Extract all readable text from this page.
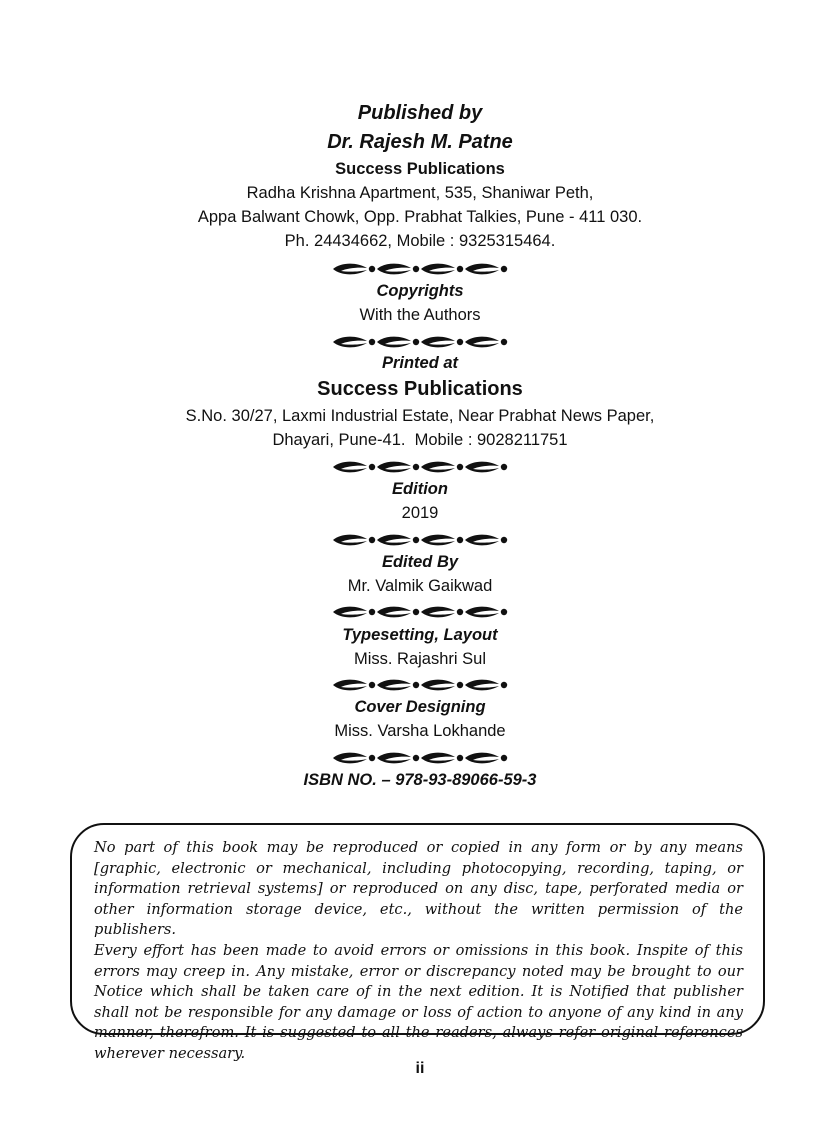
Published by
Dr. Rajesh M. Patne
Success Publications
Radha Krishna Apartment, 535, Shaniwar Peth,
Appa Balwant Chowk, Opp. Prabhat Talkies, Pune - 411 030.
Ph. 24434662, Mobile : 9325315464.
Copyrights
With the Authors
Printed at
Success Publications
S.No. 30/27, Laxmi Industrial Estate, Near Prabhat News Paper,
Dhayari, Pune-41.  Mobile : 9028211751
Edition
2019
Edited By
Mr. Valmik Gaikwad
Typesetting, Layout
Miss. Rajashri Sul
Cover Designing
Miss. Varsha Lokhande
ISBN NO. – 978-93-89066-59-3

No part of this book may be reproduced or copied in any form or by any means [graphic, electronic or mechanical, including photocopying, recording, taping, or information retrieval systems] or reproduced on any disc, tape, perforated media or other information storage device, etc., without the written permission of the publishers.

Every effort has been made to avoid errors or omissions in this book. Inspite of this errors may creep in. Any mistake, error or discrepancy noted may be brought to our Notice which shall be taken care of in the next edition. It is Notified that publisher shall not be responsible for any damage or loss of action to anyone of any kind in any manner, therefrom. It is suggested to all the readers, always refer original references wherever necessary.

ii
